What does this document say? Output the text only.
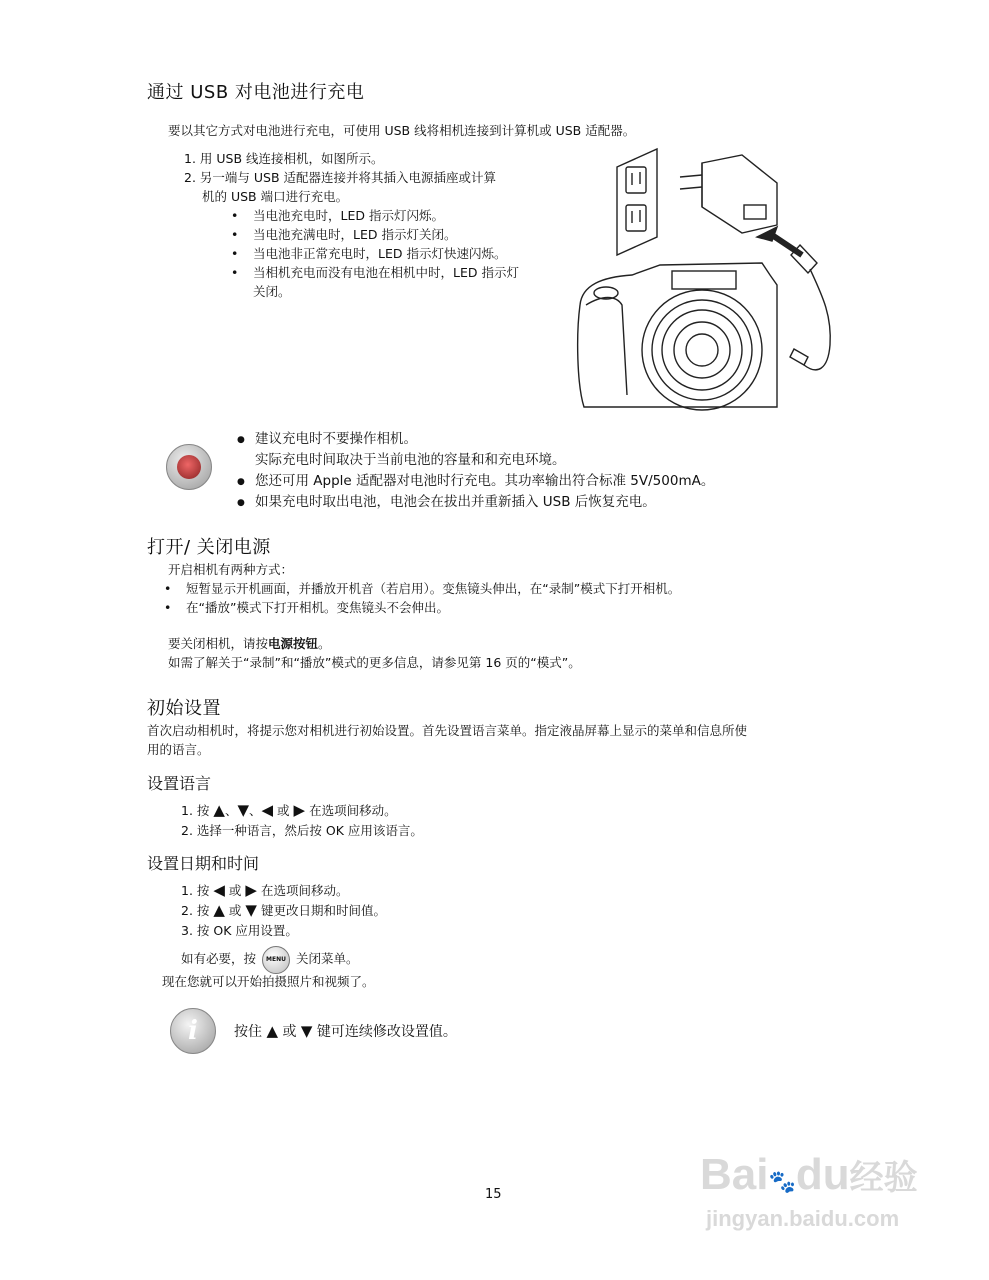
通过 USB 对电池进行充电
要以其它方式对电池进行充电，可使用 USB 线将相机连接到计算机或 USB 适配器。
1. 用 USB 线连接相机，如图所示。
2. 另一端与 USB 适配器连接并将其插入电源插座或计算
机的 USB 端口进行充电。
• 当电池充电时，LED 指示灯闪烁。
• 当电池充满电时，LED 指示灯关闭。
• 当电池非正常充电时，LED 指示灯快速闪烁。
• 当相机充电而没有电池在相机中时，LED 指示灯
关闭。
● 建议充电时不要操作相机。
实际充电时间取决于当前电池的容量和和充电环境。
● 您还可用 Apple 适配器对电池时行充电。其功率输出符合标准 5V/500mA。
● 如果充电时取出电池，电池会在拔出并重新插入 USB 后恢复充电。
打开/ 关闭电源
开启相机有两种方式：
• 短暂显示开机画面，并播放开机音（若启用）。变焦镜头伸出，在“录制”模式下打开相机。
• 在“播放”模式下打开相机。变焦镜头不会伸出。
要关闭相机，请按电源按钮。
如需了解关于“录制”和“播放”模式的更多信息，请参见第 16 页的“模式”。
初始设置
首次启动相机时，将提示您对相机进行初始设置。首先设置语言菜单。指定液晶屏幕上显示的菜单和信息所使
用的语言。
设置语言
1. 按 ▲、▼、◀ 或 ▶ 在选项间移动。
2. 选择一种语言，然后按 OK 应用该语言。
设置日期和时间
1. 按 ◀ 或 ▶ 在选项间移动。
2. 按 ▲ 或 ▼ 键更改日期和时间值。
3. 按 OK 应用设置。
如有必要，按 MENU 关闭菜单。
现在您就可以开始拍摄照片和视频了。
i	按住 ▲ 或 ▼ 键可连续修改设置值。
15	Bai🐾du经验
jingyan.baidu.com
